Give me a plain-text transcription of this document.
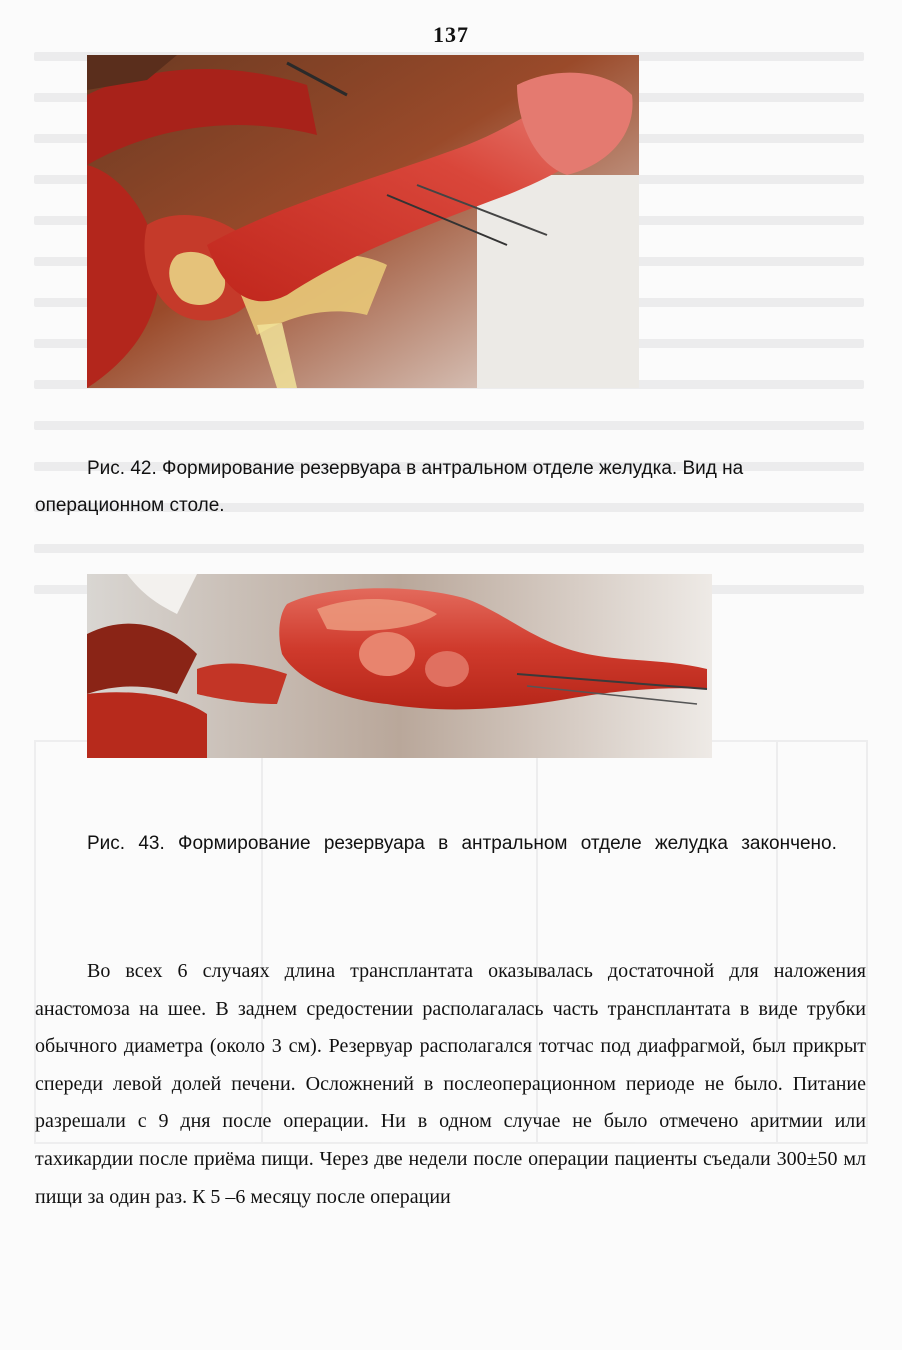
137
Рис. 42. Формирование резервуара в антральном отделе желудка. Вид на операционном столе.
Рис. 43. Формирование резервуара в антральном отделе желудка закончено.

Во всех 6 случаях длина трансплантата оказывалась достаточной для наложения анастомоза на шее. В заднем средостении располагалась часть трансплантата в виде трубки обычного диаметра (около 3 см). Резервуар располагался тотчас под диафрагмой, был прикрыт спереди левой долей печени. Осложнений в послеоперационном периоде не было. Питание разрешали с 9 дня после операции. Ни в одном случае не было отмечено аритмии или тахикардии после приёма пищи. Через две недели после операции пациенты съедали 300±50 мл пищи за один раз. К 5 –6 месяцу после операции
